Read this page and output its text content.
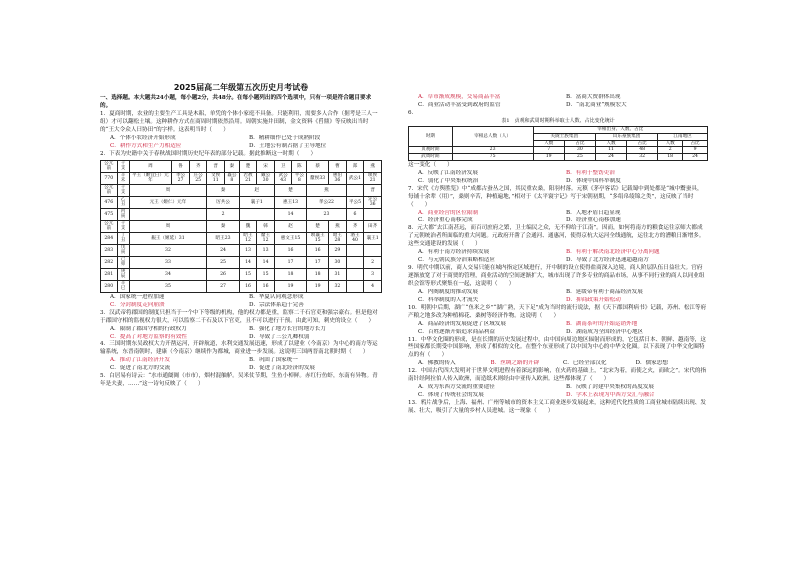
2025届高二年级第五次历史月考试卷
一、选择题。本大题共24小题，每小题2分，共48分。在每小题列出的四个选项中，只有一项是符合题目要求的。
1．夏商时期，农业的主要生产工具是木耜，单凭的个体小家庭不具备。只能利用，需要多人合作（据考是三人一组）才可以翻松土壤。这种耕作方式在商周时期依然沿用。周朝实施井田制，金文资料《舀鼎》等反映出当时的“王大令众人曰协田”的字样。这表明当时（　　）
A．个体小农经济开始形成	B．精耕细作已处于成熟阶段
C．耕作方式和生产力相适应	D．土地公有制占据了主导地位
2．下表为史籍中关于春秋战国时期历史纪年表的部分记载。据此推断这一时期（　　）
公元前	干支	周	鲁	齐	晋	秦	楚	宋	卫	陈	蔡	曹	郑	燕
770	辛未	平王（姬宜臼）元年	孝公27	庄公25	文侯11	襄公8	若敖21	戴公30	武公43	平公8	釐侯33	惠伯36	武公1	顷侯21
公元前	干支	周			秦		赵		楚		燕			晋
476	乙丑	元王（姬仁）元年			厉共公		襄子1		惠王13		孝公22		平公5	定公36
475	丙寅				2				14		23		6	
公元前	干支	周			秦		魏	韩	赵		楚	燕	齐	田齐
284	丁丑	赧王（姬延）31			昭王23		昭王12	釐王12	惠文王15		顷襄王15	昭王28	湣王40	襄王1
283	戊寅	32			24		13	13	16		16	29		
282	己卯	33			25		14	14	17		17	30		2
281	庚辰	34			26		15	15	18		18	31		3
280	辛巳	35			27		16	16	19		19	32		4
A．国家统一进程加速	B．华夏认同观念形成
C．分封制度走向崩溃	D．宗法体系趋于完善
3．汉武帝将郡国的制度只担当于一个中下等级的机构，他的权力都是重，监察二千石官吏和强宗豪右。但是他对于郡国守相的监视权力很大，可以监察二千石及以下官吏，且不可以进行干预。由此可知，刺史的设立（　　）
A．限制了郡国守相的行政权力	B．强化了地方长官的地方长力
C．提高了对地方监察的有效性	D．导致了三公九卿权弱
4．三国时期东吴政权大力开凿运河，开辟航道，水利交通发展迅速，形成了以建业（今南京）为中心的南方等运输系统，东晋南朝时，建康（今南京）继续作为都城，商业进一步发展。这说明三国两晋南北朝时期（　　）
A．推动了江南经济开发	B．巩固了国家统一
C．促进了南北方的交流	D．促进了南北经济的发展
5．白居易有诗云：“水市通阛阓（市市），烟村混舳舻。吴米仗节期，生鱼小棹鲜。赤红行鱼虾，东南有异物。青年是夫妻，……”这一诗句反映了（　　）
A．草市渐成规模，交易商品丰富	B．富商大贾群体出现
C．商业活动丰富受到政府的监管	D．“南北商业”规模宏大
6．
表1　贞观和武周时期科举取士人数、占比变化统计
时期	宰相总人数（人）	宰相出身、人数、占比					
		关陇士族集团		山东豪族集团		江南地区	
		人数	占比	人数	占比	人数	占比
贞观时期	23	7	30	11	48	2	9
武周时期	75	19	25	24	32	18	24
这一变化（　　）
A．反映了江南经济发展	B．有利于整饬吏治
C．弱化了中央集权统治	D．体现中国科举制度
7．宋代《方舆胜览》中“成都古蚕丛之国，其民重农桑，阳羽村落。元稹《茅亭客话》记载蜀中到处都是“城中鬻蚕具，每铺十余辈（用）”，桑则辛苦，种植遍地，”相对于《太平寰宇记》写于宋朝初期，“多绢帛绫锦之类”，这反映了当时（　　）
A．商业经营的区位限制	B．人地矛盾日趋显现
C．经济重心南移完成	D．经济重心南移加速
8．元大都“去江南甚远，而百司庶府之繁，卫士编民之众，无不仰给于江南”。因而，如何将南方的粮食运往京师大都成了元朝统治者所面临的重大问题。元政府开凿了会通河、通惠河，使得京杭大运河全线通航，运往北方的漕粮日渐增多。这些交通建设的发展（　　）
A．有利于南方经济持续发展	B．有利于解决南北经济中心分离问题
C．与元朝民族分治策略相适应	D．导致了北方经济迅速超越南方
9．明代中期以前，商人交易只能在城内指定区域进行，开中制的设立使得盐商深入边境，商人阶层队伍日益壮大。官府逐渐放宽了对于商贾的管理，商业活动的空间逐渐扩大，城市出现了许多专业的商品市场，从事不同行业的商人以同业组织会馆等形式聚集在一起，这说明（　　）
A．内阁制度的推动发展	B．延缓帝有利于商品经济发展
C．科举制度的人才流失	D．抑商政策开始松动
10．明朝中后期，湖广“鱼米之乡”“湖广熟，天下足”成为当时的流行说法，据《天下郡国利病书》记载，苏州、松江等府产粮之地多改为种植棉花、桑树等经济作物。这说明（　　）
A．商品经济的发展促进了区域发展	B．湖南茶叶的开始运销外地
C．百姓逐渐开始追求商品利益	D．湖南成为全国经济中心地区
11．中华文化圈的形成，是在长期的历史发展过程中，由中国向周边地区辐射而形成的，它包括日本、朝鲜、越南等，这些国家都长期受中国影响，形成了相似的文化。在整个东亚形成了以中国为中心的中华文化圈。以下表现了中华文化圈特点的有（　　）
A．佛教的传入	B．丝绸之路的开辟	C．已经全部汉化	D．儒家思想
12．中国古代四大发明对于世界文明进程有着深远的影响，在火药的基础上，“北宋为着，而使之火，而欧之”。宋代的指南针经阿拉伯人传入欧洲，而造纸术则经由中亚传入欧洲。这些都体现了（　　）
A．成为东西方交流的重要途径	B．反映了封建中央集权的高度发展
C．体现了传统社会的发展	D．学术上表现为中西方交汇与融合
13．鸦片战争后，上海、福州、广州等城市的资本主义工商业逐步发展起来，这种近代化性质的工商业城市陆续出现、发展、壮大，吸引了大量的乡村人员进城。这一现象（　　）
